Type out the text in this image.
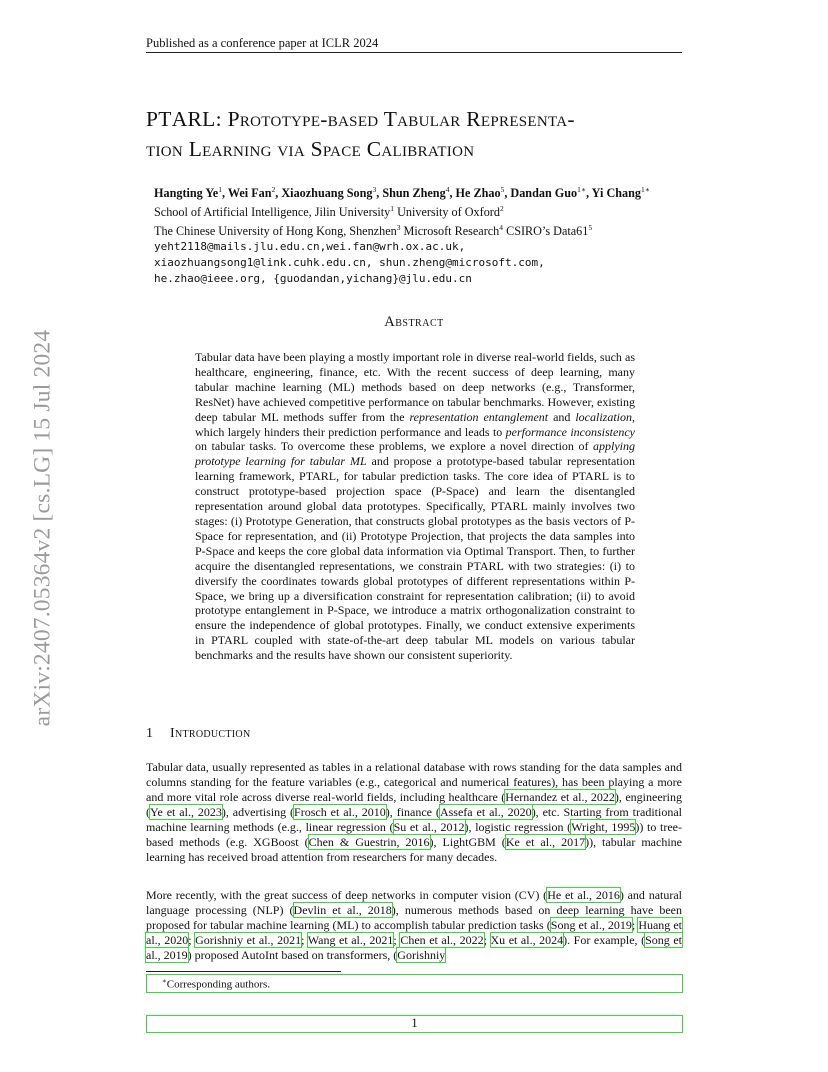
Published as a conference paper at ICLR 2024
arXiv:2407.05364v2 [cs.LG] 15 Jul 2024
PTARL: Prototype-based Tabular Representa-
tion Learning via Space Calibration
Hangting Ye$^1$, Wei Fan$^2$, Xiaozhuang Song$^3$, Shun Zheng$^4$, He Zhao$^5$, Dandan Guo$^{1∗}$, Yi Chang$^{1∗}$
School of Artificial Intelligence, Jilin University$^1$ University of Oxford$^2$
The Chinese University of Hong Kong, Shenzhen$^3$ Microsoft Research$^4$ CSIRO’s $Data61^5$
yeht2118@mails.jlu.edu.cn,wei.fan@wrh.ox.ac.uk,
xiaozhuangsong1@link.cuhk.edu.cn, shun.zheng@microsoft.com,
he.zhao@ieee.org, {guodandan,yichang}@jlu.edu.cn
Abstract
Tabular data have been playing a mostly important role in diverse real-world fields, such as healthcare, engineering, finance, etc. With the recent success of deep learning, many tabular machine learning (ML) methods based on deep networks (e.g., Transformer, ResNet) have achieved competitive performance on tabular benchmarks. However, existing deep tabular ML methods suffer from the representation entanglement and localization, which largely hinders their prediction performance and leads to performance inconsistency on tabular tasks. To overcome these problems, we explore a novel direction of applying prototype learning for tabular ML and propose a prototype-based tabular representation learning framework, PTARL, for tabular prediction tasks. The core idea of PTARL is to construct prototype-based projection space (P-Space) and learn the disentangled representation around global data prototypes. Specifically, PTARL mainly involves two stages: (i) Prototype Generation, that constructs global prototypes as the basis vectors of P-Space for representation, and (ii) Prototype Projection, that projects the data samples into P-Space and keeps the core global data information via Optimal Transport. Then, to further acquire the disentangled representations, we constrain PTARL with two strategies: (i) to diversify the coordinates towards global prototypes of different representations within P-Space, we bring up a diversification constraint for representation calibration; (ii) to avoid prototype entanglement in P-Space, we introduce a matrix orthogonalization constraint to ensure the independence of global prototypes. Finally, we conduct extensive experiments in PTARL coupled with state-of-the-art deep tabular ML models on various tabular benchmarks and the results have shown our consistent superiority.
1 Introduction
Tabular data, usually represented as tables in a relational database with rows standing for the data samples and columns standing for the feature variables (e.g., categorical and numerical features), has been playing a more and more vital role across diverse real-world fields, including healthcare (Hernandez et al., 2022), engineering (Ye et al., 2023), advertising (Frosch et al., 2010), finance (Assefa et al., 2020), etc. Starting from traditional machine learning methods (e.g., linear regression (Su et al., 2012), logistic regression (Wright, 1995)) to tree-based methods (e.g. XGBoost (Chen & Guestrin, 2016), LightGBM (Ke et al., 2017)), tabular machine learning has received broad attention from researchers for many decades.
More recently, with the great success of deep networks in computer vision (CV) (He et al., 2016) and natural language processing (NLP) (Devlin et al., 2018), numerous methods based on deep learning have been proposed for tabular machine learning (ML) to accomplish tabular prediction tasks (Song et al., 2019; Huang et al., 2020; Gorishniy et al., 2021; Wang et al., 2021; Chen et al., 2022; Xu et al., 2024). For example, (Song et al., 2019) proposed AutoInt based on transformers, (Gorishniy
∗Corresponding authors.
1
